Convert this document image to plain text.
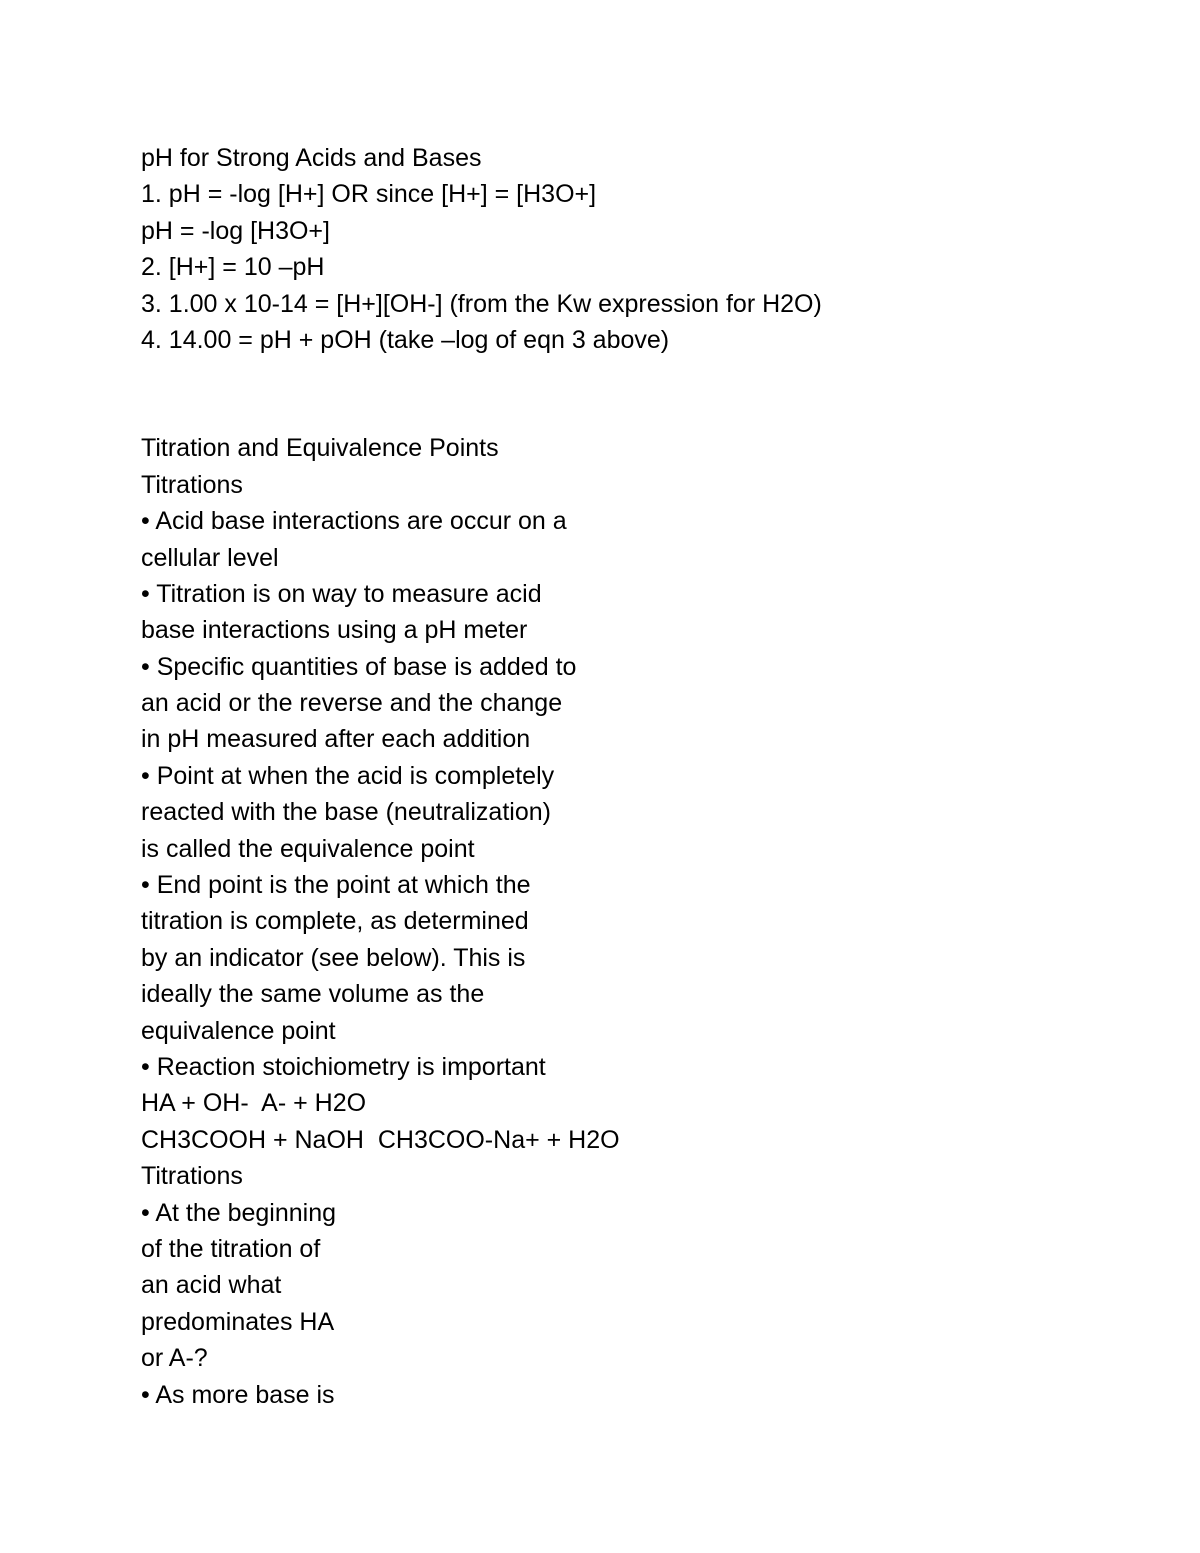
pH for Strong Acids and Bases
1. pH = -log [H+] OR since [H+] = [H3O+]
pH = -log [H3O+]
2. [H+] = 10 –pH
3. 1.00 x 10-14 = [H+][OH-] (from the Kw expression for H2O)
4. 14.00 = pH + pOH (take –log of eqn 3 above)
Titration and Equivalence Points
Titrations
• Acid base interactions are occur on a
cellular level
• Titration is on way to measure acid
base interactions using a pH meter
• Specific quantities of base is added to
an acid or the reverse and the change
in pH measured after each addition
• Point at when the acid is completely
reacted with the base (neutralization)
is called the equivalence point
• End point is the point at which the
titration is complete, as determined
by an indicator (see below). This is
ideally the same volume as the
equivalence point
• Reaction stoichiometry is important
HA + OH-  A- + H2O
CH3COOH + NaOH  CH3COO-Na+ + H2O
Titrations
• At the beginning
of the titration of
an acid what
predominates HA
or A-?
• As more base is
